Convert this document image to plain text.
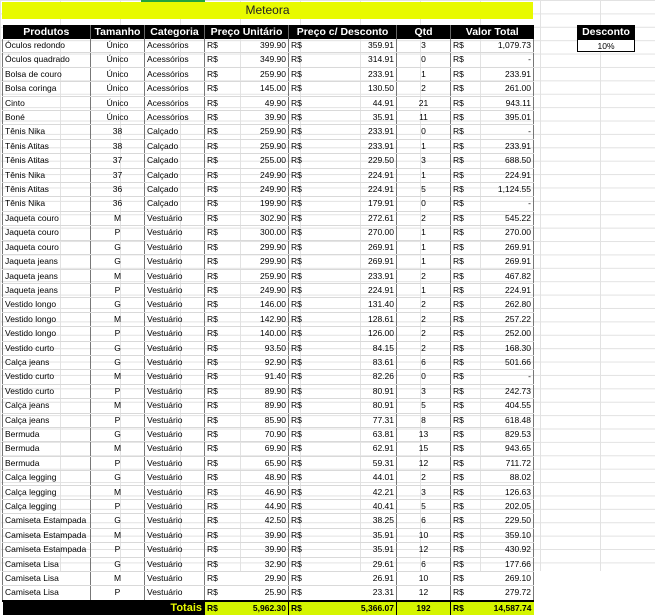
Meteora
Produtos	Tamanho	Categoria	Preço Unitário	Preço c/ Desconto	Qtd	Valor Total
Óculos redondo	Único	Acessórios	R$ 399.90	R$ 359.91	3	R$ 1,079.73

Óculos quadrado	Único	Acessórios	R$ 349.90	R$ 314.91	0	R$ -

Bolsa de couro	Único	Acessórios	R$ 259.90	R$ 233.91	1	R$ 233.91

Bolsa coringa	Único	Acessórios	R$ 145.00	R$ 130.50	2	R$ 261.00

Cinto	Único	Acessórios	R$ 49.90	R$ 44.91	21	R$ 943.11

Boné	Único	Acessórios	R$ 39.90	R$ 35.91	11	R$ 395.01

Tênis Nika	38	Calçado	R$ 259.90	R$ 233.91	0	R$ -

Tênis Atitas	38	Calçado	R$ 259.90	R$ 233.91	1	R$ 233.91

Tênis Atitas	37	Calçado	R$ 255.00	R$ 229.50	3	R$ 688.50

Tênis Nika	37	Calçado	R$ 249.90	R$ 224.91	1	R$ 224.91

Tênis Atitas	36	Calçado	R$ 249.90	R$ 224.91	5	R$ 1,124.55

Tênis Nika	36	Calçado	R$ 199.90	R$ 179.91	0	R$ -

Jaqueta couro	M	Vestuário	R$ 302.90	R$ 272.61	2	R$ 545.22

Jaqueta couro	P	Vestuário	R$ 300.00	R$ 270.00	1	R$ 270.00

Jaqueta couro	G	Vestuário	R$ 299.90	R$ 269.91	1	R$ 269.91

Jaqueta jeans	G	Vestuário	R$ 299.90	R$ 269.91	1	R$ 269.91

Jaqueta jeans	M	Vestuário	R$ 259.90	R$ 233.91	2	R$ 467.82

Jaqueta jeans	P	Vestuário	R$ 249.90	R$ 224.91	1	R$ 224.91

Vestido longo	G	Vestuário	R$ 146.00	R$ 131.40	2	R$ 262.80

Vestido longo	M	Vestuário	R$ 142.90	R$ 128.61	2	R$ 257.22

Vestido longo	P	Vestuário	R$ 140.00	R$ 126.00	2	R$ 252.00

Vestido curto	G	Vestuário	R$ 93.50	R$ 84.15	2	R$ 168.30

Calça jeans	G	Vestuário	R$ 92.90	R$ 83.61	6	R$ 501.66

Vestido curto	M	Vestuário	R$ 91.40	R$ 82.26	0	R$ -

Vestido curto	P	Vestuário	R$ 89.90	R$ 80.91	3	R$ 242.73

Calça jeans	M	Vestuário	R$ 89.90	R$ 80.91	5	R$ 404.55

Calça jeans	P	Vestuário	R$ 85.90	R$ 77.31	8	R$ 618.48

Bermuda	G	Vestuário	R$ 70.90	R$ 63.81	13	R$ 829.53

Bermuda	M	Vestuário	R$ 69.90	R$ 62.91	15	R$ 943.65

Bermuda	P	Vestuário	R$ 65.90	R$ 59.31	12	R$ 711.72

Calça legging	G	Vestuário	R$ 48.90	R$ 44.01	2	R$ 88.02

Calça legging	M	Vestuário	R$ 46.90	R$ 42.21	3	R$ 126.63

Calça legging	P	Vestuário	R$ 44.90	R$ 40.41	5	R$ 202.05

Camiseta Estampada	G	Vestuário	R$ 42.50	R$ 38.25	6	R$ 229.50

Camiseta Estampada	M	Vestuário	R$ 39.90	R$ 35.91	10	R$ 359.10

Camiseta Estampada	P	Vestuário	R$ 39.90	R$ 35.91	12	R$ 430.92

Camiseta Lisa	G	Vestuário	R$ 32.90	R$ 29.61	6	R$ 177.66

Camiseta Lisa	M	Vestuário	R$ 29.90	R$ 26.91	10	R$ 269.10

Camiseta Lisa	P	Vestuário	R$ 25.90	R$ 23.31	12	R$ 279.72

Totais			R$ 5,962.30	R$ 5,366.07	192	R$ 14,587.74
Desconto
10%
